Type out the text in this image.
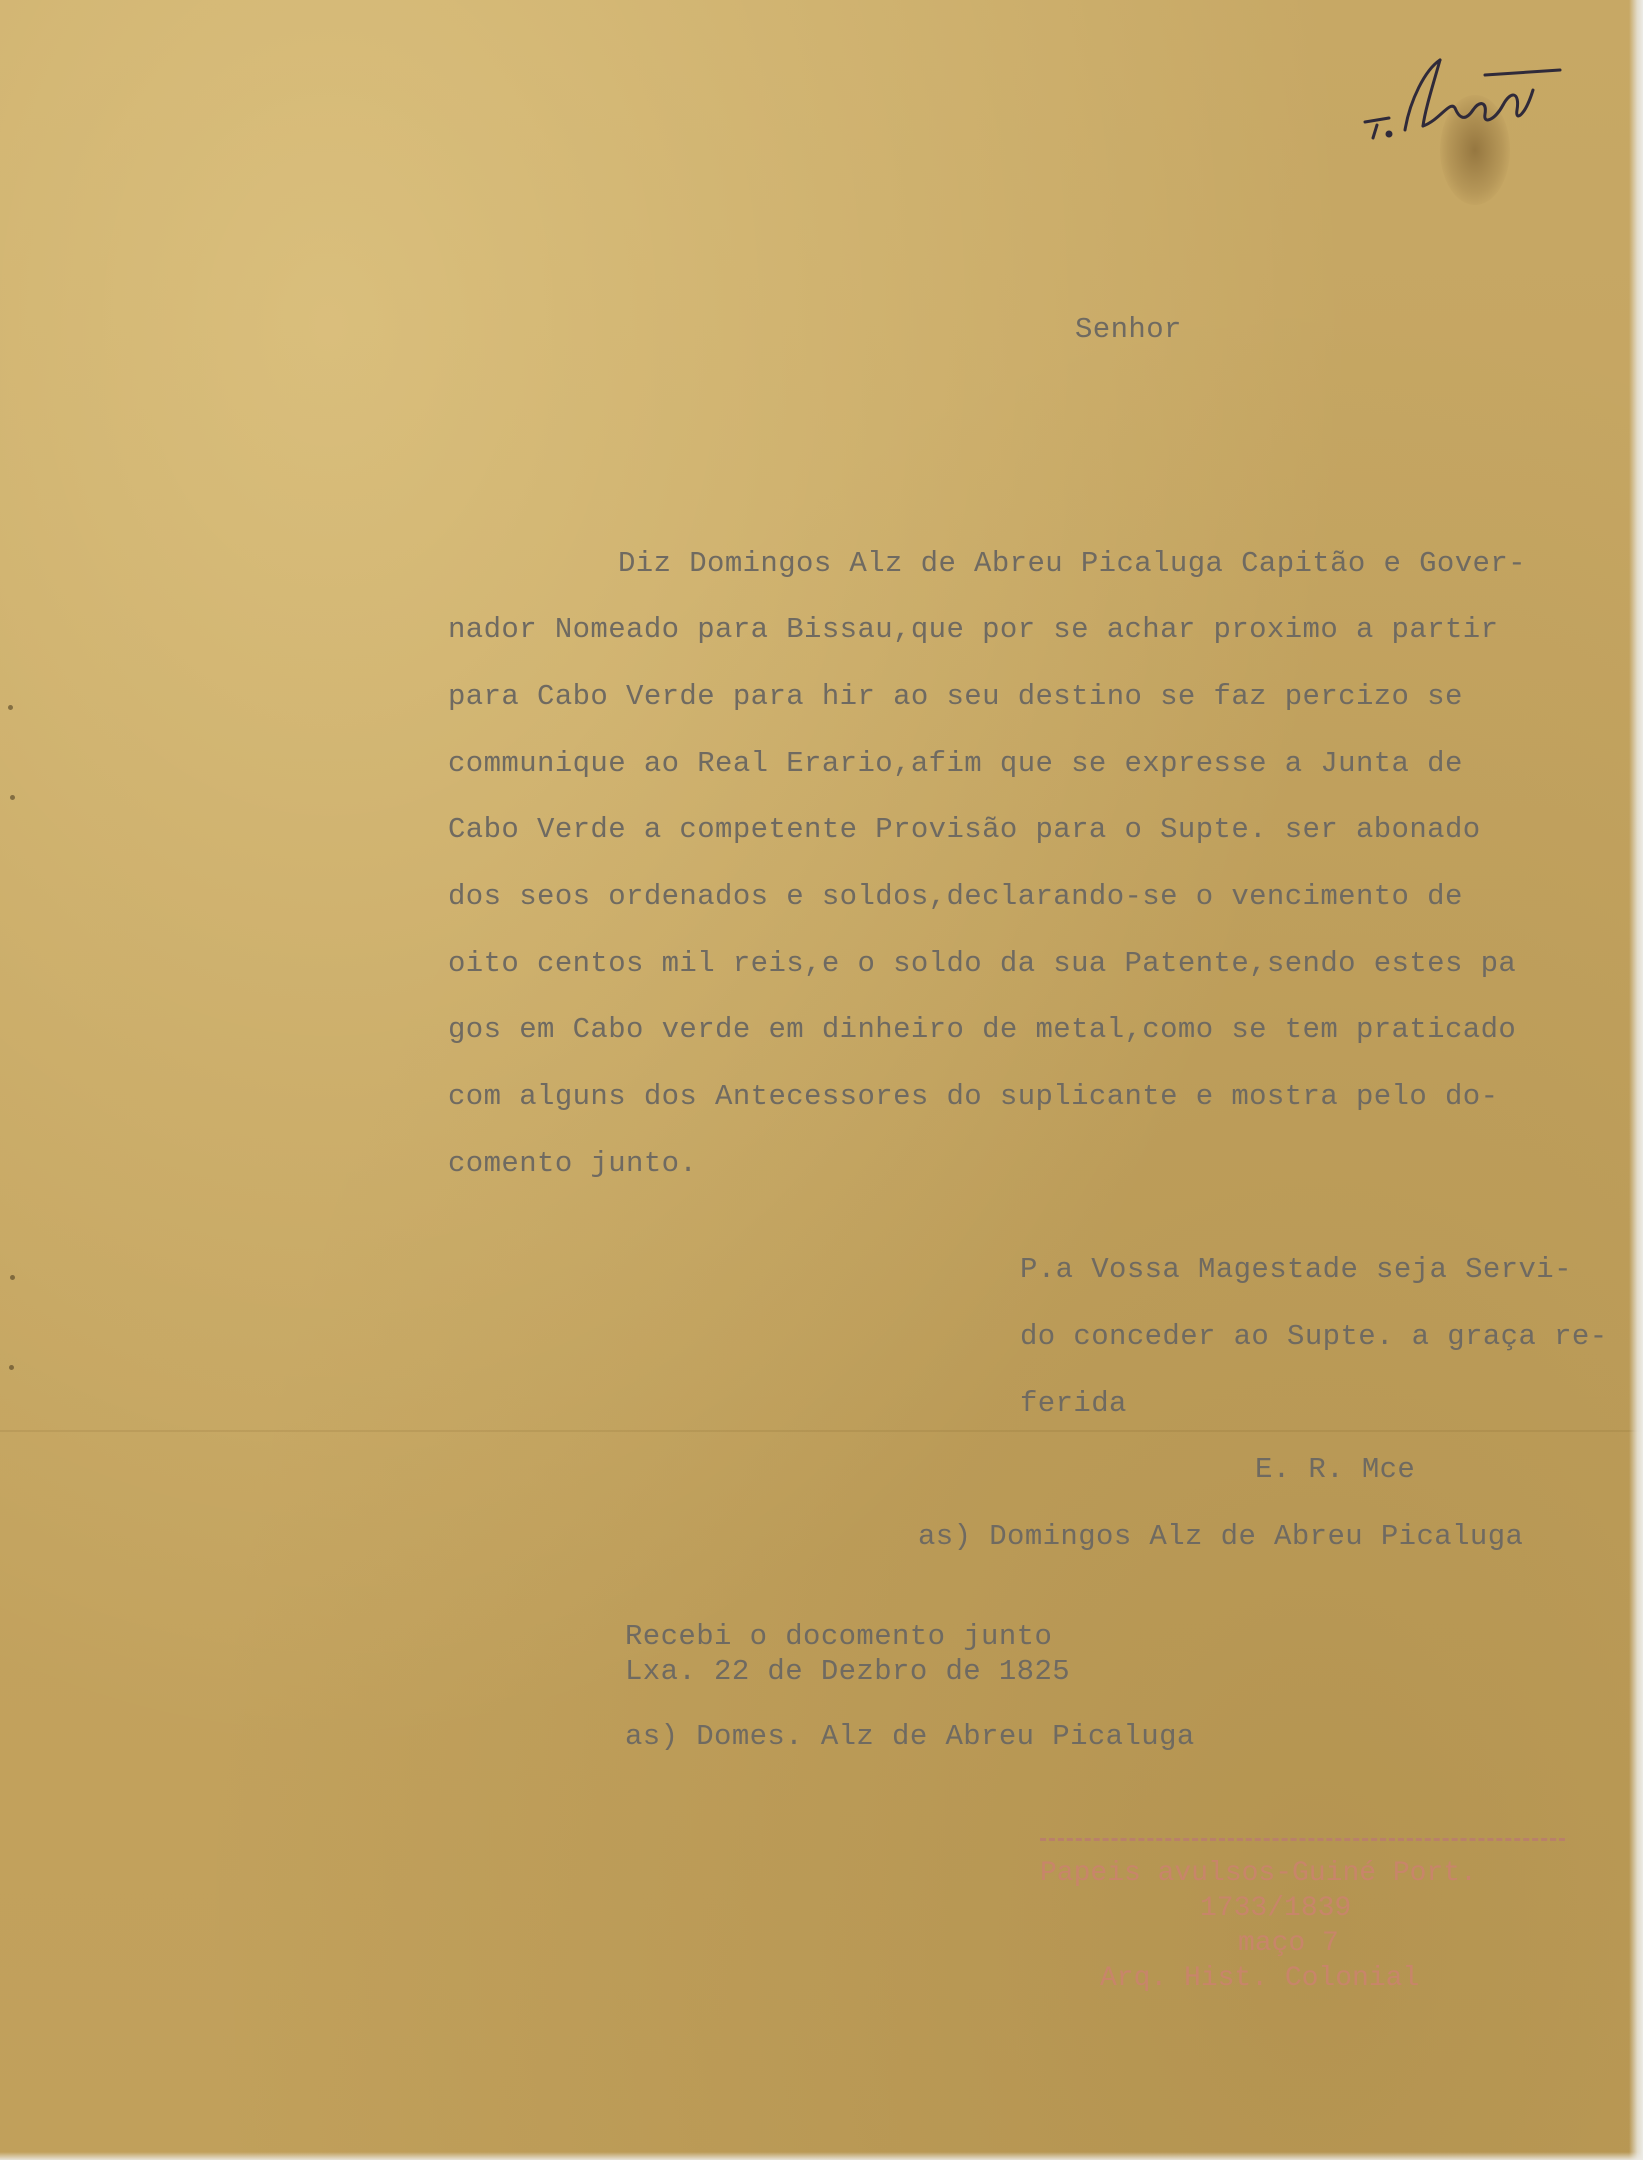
Senhor
Diz Domingos Alz de Abreu Picaluga Capitão e Gover-
nador Nomeado para Bissau,que por se achar proximo a partir
para Cabo Verde para hir ao seu destino se faz percizo se
communique ao Real Erario,afim que se expresse a Junta de
Cabo Verde a competente Provisão para o Supte. ser abonado
dos seos ordenados e soldos,declarando-se o vencimento de
oito centos mil reis,e o soldo da sua Patente,sendo estes pa
gos em Cabo verde em dinheiro de metal,como se tem praticado
com alguns dos Antecessores do suplicante e mostra pelo do-
comento junto.
P.a Vossa Magestade seja Servi-
do conceder ao Supte. a graça re-
ferida
E. R. Mce
as) Domingos Alz de Abreu Picaluga
Recebi o docomento junto
Lxa. 22 de Dezbro de 1825
as) Domes. Alz de Abreu Picaluga
Papeis avulsos-Guiné Port.
1733/1839
maço 7
Arq. Hist. Colonial
